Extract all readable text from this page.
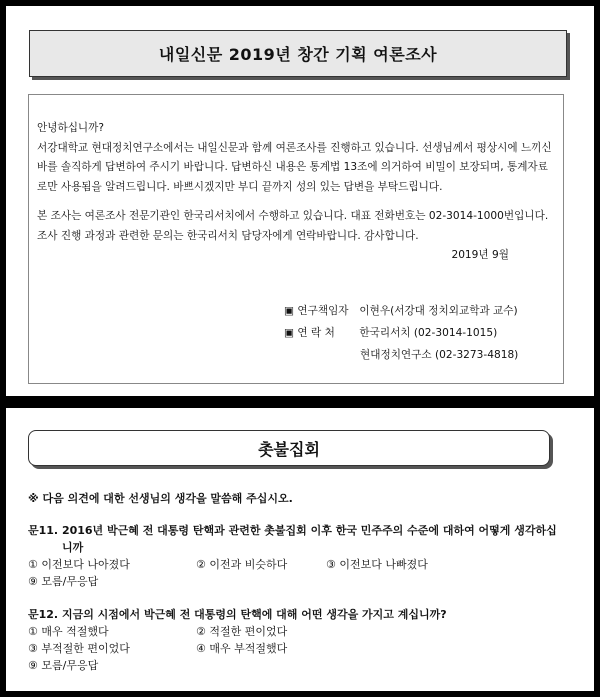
내일신문 2019년 창간 기획 여론조사

안녕하십니까?

서강대학교 현대정치연구소에서는 내일신문과 함께 여론조사를 진행하고 있습니다. 선생님께서 평상시에 느끼신 바를 솔직하게 답변하여 주시기 바랍니다. 답변하신 내용은 통계법 13조에 의거하여 비밀이 보장되며, 통계자료로만 사용됨을 알려드립니다. 바쁘시겠지만 부디 끝까지 성의 있는 답변을 부탁드립니다.

본 조사는 여론조사 전문기관인 한국리서치에서 수행하고 있습니다. 대표 전화번호는 02-3014-1000번입니다. 조사 진행 과정과 관련한 문의는 한국리서치 담당자에게 연락바랍니다. 감사합니다.

2019년 9월

▣ 연구책임자 이현우(서강대 정치외교학과 교수)
▣ 연 락 처 한국리서치 (02-3014-1015)
현대정치연구소 (02-3273-4818)
촛불집회
※ 다음 의견에 대한 선생님의 생각을 말씀해 주십시오.
문11. 2016년 박근혜 전 대통령 탄핵과 관련한 촛불집회 이후 한국 민주주의 수준에 대하여 어떻게 생각하십
니까
① 이전보다 나아졌다	② 이전과 비슷하다	③ 이전보다 나빠졌다
⑨ 모름/무응답
문12. 지금의 시점에서 박근혜 전 대통령의 탄핵에 대해 어떤 생각을 가지고 계십니까?
① 매우 적절했다	② 적절한 편이었다
③ 부적절한 편이었다	④ 매우 부적절했다
⑨ 모름/무응답
